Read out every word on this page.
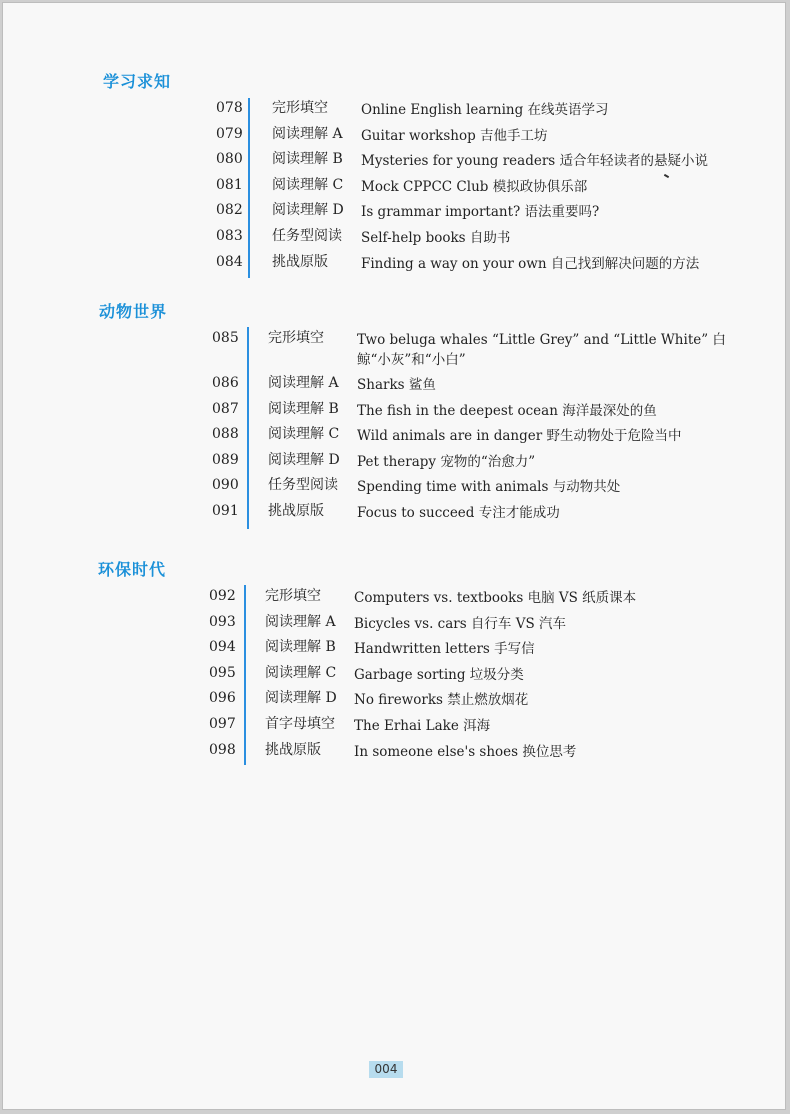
学习求知
078 完形填空 Online English learning 在线英语学习
079 阅读理解 A Guitar workshop 吉他手工坊
080 阅读理解 B Mysteries for young readers 适合年轻读者的悬疑小说
081 阅读理解 C Mock CPPCC Club 模拟政协俱乐部
082 阅读理解 D Is grammar important? 语法重要吗?
083 任务型阅读 Self-help books 自助书
084 挑战原版 Finding a way on your own 自己找到解决问题的方法
动物世界
085 完形填空 Two beluga whales “Little Grey” and “Little White” 白鲸“小灰”和“小白”
086 阅读理解 A Sharks 鲨鱼
087 阅读理解 B The fish in the deepest ocean 海洋最深处的鱼
088 阅读理解 C Wild animals are in danger 野生动物处于危险当中
089 阅读理解 D Pet therapy 宠物的“治愈力”
090 任务型阅读 Spending time with animals 与动物共处
091 挑战原版 Focus to succeed 专注才能成功
环保时代
092 完形填空 Computers vs. textbooks 电脑 VS 纸质课本
093 阅读理解 A Bicycles vs. cars 自行车 VS 汽车
094 阅读理解 B Handwritten letters 手写信
095 阅读理解 C Garbage sorting 垃圾分类
096 阅读理解 D No fireworks 禁止燃放烟花
097 首字母填空 The Erhai Lake 洱海
098 挑战原版 In someone else's shoes 换位思考
004
